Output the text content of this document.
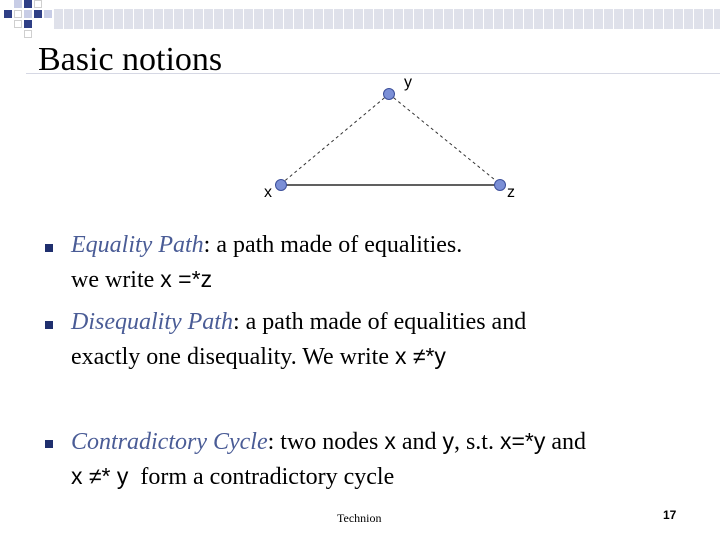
Basic notions
y
x	z
Equality Path: a path made of equalities.
we write x =*z
Disequality Path: a path made of equalities and
exactly one disequality. We write x ≠*y
Contradictory Cycle: two nodes x and y, s.t. x=*y and
x ≠* y  form a contradictory cycle
Technion	17
